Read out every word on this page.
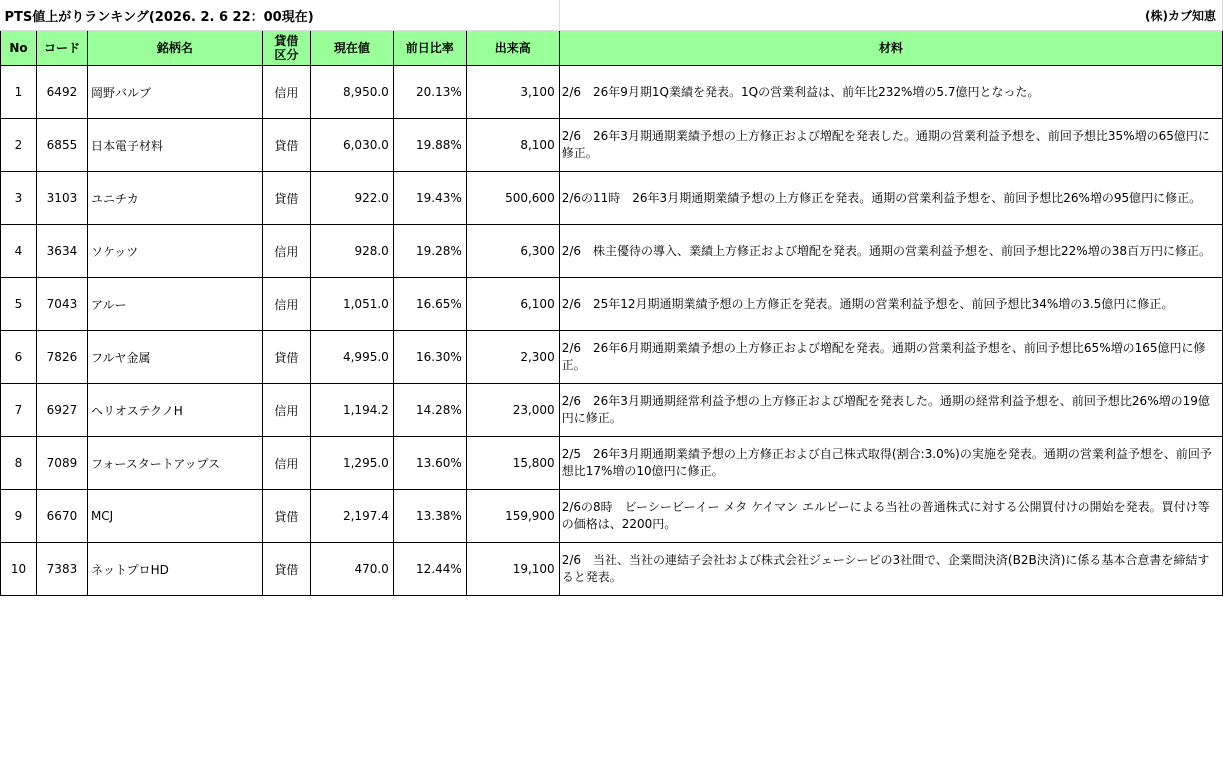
PTS値上がりランキング(2026. 2. 6 22：00現在)							(株)カブ知恵
No	コード	銘柄名	貸借区分	現在値	前日比率	出来高	材料
1	6492	岡野バルブ	信用	8,950.0	20.13%	3,100	2/6　26年9月期1Q業績を発表。1Qの営業利益は、前年比232%増の5.7億円となった。
2	6855	日本電子材料	貸借	6,030.0	19.88%	8,100	2/6　26年3月期通期業績予想の上方修正および増配を発表した。通期の営業利益予想を、前回予想比35%増の65億円に修正。
3	3103	ユニチカ	貸借	922.0	19.43%	500,600	2/6の11時　26年3月期通期業績予想の上方修正を発表。通期の営業利益予想を、前回予想比26%増の95億円に修正。
4	3634	ソケッツ	信用	928.0	19.28%	6,300	2/6　株主優待の導入、業績上方修正および増配を発表。通期の営業利益予想を、前回予想比22%増の38百万円に修正。
5	7043	アルー	信用	1,051.0	16.65%	6,100	2/6　25年12月期通期業績予想の上方修正を発表。通期の営業利益予想を、前回予想比34%増の3.5億円に修正。
6	7826	フルヤ金属	貸借	4,995.0	16.30%	2,300	2/6　26年6月期通期業績予想の上方修正および増配を発表。通期の営業利益予想を、前回予想比65%増の165億円に修正。
7	6927	ヘリオステクノH	信用	1,194.2	14.28%	23,000	2/6　26年3月期通期経常利益予想の上方修正および増配を発表した。通期の経常利益予想を、前回予想比26%増の19億円に修正。
8	7089	フォースタートアップス	信用	1,295.0	13.60%	15,800	2/5　26年3月期通期業績予想の上方修正および自己株式取得(割合:3.0%)の実施を発表。通期の営業利益予想を、前回予想比17%増の10億円に修正。
9	6670	MCJ	貸借	2,197.4	13.38%	159,900	2/6の8時　ビーシービーイー メタ ケイマン エルピーによる当社の普通株式に対する公開買付けの開始を発表。買付け等の価格は、2200円。
10	7383	ネットプロHD	貸借	470.0	12.44%	19,100	2/6　当社、当社の連結子会社および株式会社ジェーシービの3社間で、企業間決済(B2B決済)に係る基本合意書を締結すると発表。
